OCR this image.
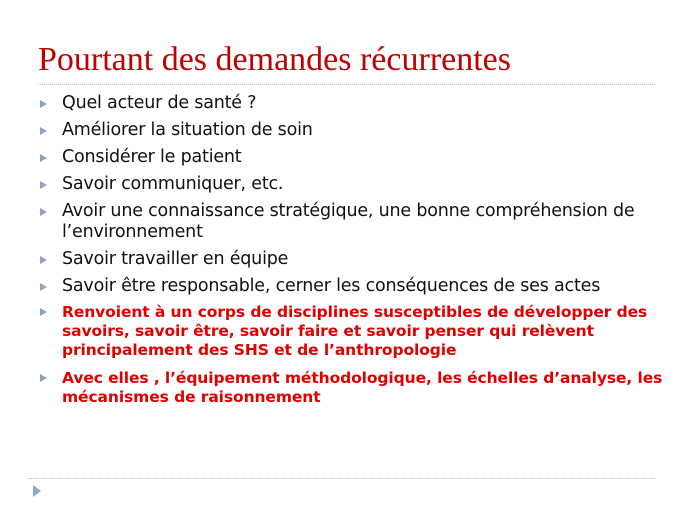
Pourtant des demandes récurrentes
Quel acteur de santé ?
Améliorer la situation de soin
Considérer le patient
Savoir communiquer, etc.
Avoir une connaissance stratégique, une bonne compréhension de l’environnement
Savoir travailler en équipe
Savoir être responsable, cerner les conséquences de ses actes
Renvoient à un corps de disciplines susceptibles de développer des savoirs, savoir être, savoir faire et savoir penser qui relèvent principalement des SHS et de l’anthropologie
Avec elles , l’équipement méthodologique, les échelles d’analyse, les mécanismes de raisonnement
